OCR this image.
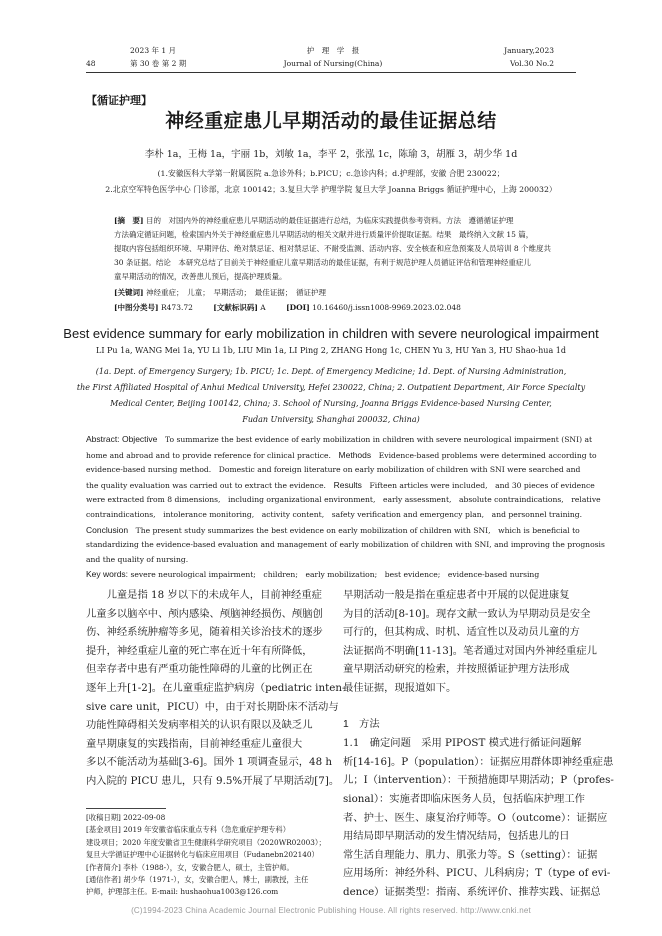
48
2023 年 1 月
第 30 卷 第 2 期
护　理　学　报
Journal of Nursing(China)
January,2023
Vol.30 No.2
【循证护理】
神经重症患儿早期活动的最佳证据总结
李朴 1a，王梅 1a，宇丽 1b，刘敏 1a，李平 2，张泓 1c，陈瑜 3，胡雁 3，胡少华 1d
(1.安徽医科大学第一附属医院 a.急诊外科；b.PICU；c.急诊内科；d.护理部，安徽 合肥 230022；
2.北京空军特色医学中心 门诊部，北京 100142；3.复旦大学 护理学院 复旦大学 Joanna Briggs 循证护理中心，上海 200032）
[摘　要] 目的　对国内外的神经重症患儿早期活动的最佳证据进行总结，为临床实践提供参考资料。方法　遵循循证护理
方法确定循证问题，检索国内外关于神经重症患儿早期活动的相关文献并进行质量评价提取证据。结果　最终纳入文献 15 篇，
提取内容包括组织环境、早期评估、绝对禁忌证、相对禁忌证、不耐受监测、活动内容、安全核查和应急预案及人员培训 8 个维度共
30 条证据。结论　本研究总结了目前关于神经重症儿童早期活动的最佳证据，有利于规范护理人员循证评估和管理神经重症儿
童早期活动的情况，改善患儿预后，提高护理质量。
[关键词] 神经重症；　儿童；　早期活动；　最佳证据；　循证护理
[中图分类号] R473.72	[文献标识码] A	[DOI] 10.16460/j.issn1008-9969.2023.02.048
Best evidence summary for early mobilization in children with severe neurological impairment
LI Pu 1a, WANG Mei 1a, YU Li 1b, LIU Min 1a, LI Ping 2, ZHANG Hong 1c, CHEN Yu 3, HU Yan 3, HU Shao-hua 1d
(1a. Dept. of Emergency Surgery; 1b. PICU; 1c. Dept. of Emergency Medicine; 1d. Dept. of Nursing Administration,
the First Affiliated Hospital of Anhui Medical University, Hefei 230022, China; 2. Outpatient Department, Air Force Specialty
Medical Center, Beijing 100142, China; 3. School of Nursing, Joanna Briggs Evidence-based Nursing Center,
Fudan University, Shanghai 200032, China)
Abstract: Objective　 To summarize the best evidence of early mobilization in children with severe neurological impairment (SNI) at
home and abroad and to provide reference for clinical practice.　 Methods　 Evidence-based problems were determined according to
evidence-based nursing method.　Domestic and foreign literature on early mobilization of children with SNI were searched and
the quality evaluation was carried out to extract the evidence.　 Results　 Fifteen articles were included,　and 30 pieces of evidence
were extracted from 8 dimensions,　including organizational environment,　early assessment,　absolute contraindications,　relative
contraindications,　intolerance monitoring,　activity content,　safety verification and emergency plan,　and personnel training.
Conclusion　 The present study summarizes the best evidence on early mobilization of children with SNI,　which is beneficial to
standardizing the evidence-based evaluation and management of early mobilization of children with SNI, and improving the prognosis
and the quality of nursing.
Key words: severe neurological impairment;　children;　early mobilization;　best evidence;　evidence-based nursing
　　儿童是指 18 岁以下的未成年人，目前神经重症
儿童多以脑卒中、颅内感染、颅脑神经损伤、颅脑创
伤、神经系统肿瘤等多见，随着相关诊治技术的逐步
提升，神经重症儿童的死亡率在近十年有所降低，
但幸存者中患有严重功能性障碍的儿童的比例正在
逐年上升[1-2]。在儿童重症监护病房（pediatric inten-
sive care unit，PICU）中，由于对长期卧床不活动与
功能性障碍相关发病率相关的认识有限以及缺乏儿
童早期康复的实践指南，目前神经重症儿童很大
多以不能活动为基础[3-6]。国外 1 项调查显示，48 h
内入院的 PICU 患儿，只有 9.5%开展了早期活动[7]。
[收稿日期] 2022-09-08
[基金项目] 2019 年安徽省临床重点专科（急危重症护理专科）
建设项目；2020 年度安徽省卫生健康科学研究项目（2020WR02003）；
复旦大学循证护理中心证据转化与临床应用项目（Fudanebn202140）
[作者简介] 李朴（1988-），女，安徽合肥人，硕士，主管护师。
[通信作者] 胡少华（1971-），女，安徽合肥人，博士，副教授，主任
护师，护理部主任。E-mail: hushaohua1003@126.com
早期活动一般是指在重症患者中开展的以促进康复
为目的活动[8-10]。现存文献一致认为早期动员是安全
可行的，但其构成、时机、适宜性以及动员儿童的方
法证据尚不明确[11-13]。笔者通过对国内外神经重症儿
童早期活动研究的检索，并按照循证护理方法形成
最佳证据，现报道如下。
1　方法
1.1　确定问题　采用 PIPOST 模式进行循证问题解
析[14-16]。P（population）：证据应用群体即神经重症患
儿；I（intervention）：干预措施即早期活动；P（profes-
sional）：实施者即临床医务人员，包括临床护理工作
者、护士、医生、康复治疗师等。O（outcome）：证据应
用结局即早期活动的发生情况结局，包括患儿的日
常生活自理能力、肌力、肌张力等。S（setting）：证据
应用场所：神经外科、PICU、儿科病房；T（type of evi-
dence）证据类型：指南、系统评价、推荐实践、证据总
(C)1994-2023 China Academic Journal Electronic Publishing House. All rights reserved. http://www.cnki.net
